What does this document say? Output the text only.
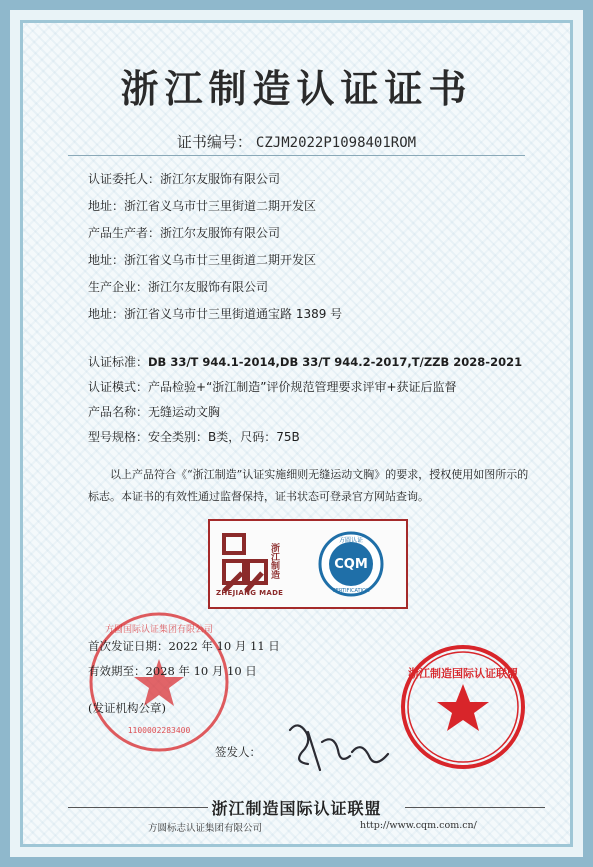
浙江制造认证证书
证书编号： CZJM2022P1098401ROM
认证委托人：浙江尔友服饰有限公司
地址：浙江省义乌市廿三里街道二期开发区
产品生产者：浙江尔友服饰有限公司
地址：浙江省义乌市廿三里街道二期开发区
生产企业：浙江尔友服饰有限公司
地址：浙江省义乌市廿三里街道通宝路 1389 号
认证标准：DB 33/T 944.1-2014,DB 33/T 944.2-2017,T/ZZB 2028-2021
认证模式：产品检验+“浙江制造”评价规范管理要求评审+获证后监督
产品名称：无缝运动文胸
型号规格：安全类别：B类，尺码：75B
以上产品符合《“浙江制造”认证实施细则无缝运动文胸》的要求，授权使用如图所示的标志。本证书的有效性通过监督保持，证书状态可登录官方网站查询。
浙江制造
ZHEJIANG MADE
方圆认证
CQM
CERTIFICATION
1100002283400
方圆国际认证集团有限公司
首次发证日期：2022 年 10 月 11 日
有效期至：2028 年 10 月 10 日
(发证机构公章)
浙江制造国际认证联盟
签发人：
浙江制造国际认证联盟
方圆标志认证集团有限公司	http://www.cqm.com.cn/
